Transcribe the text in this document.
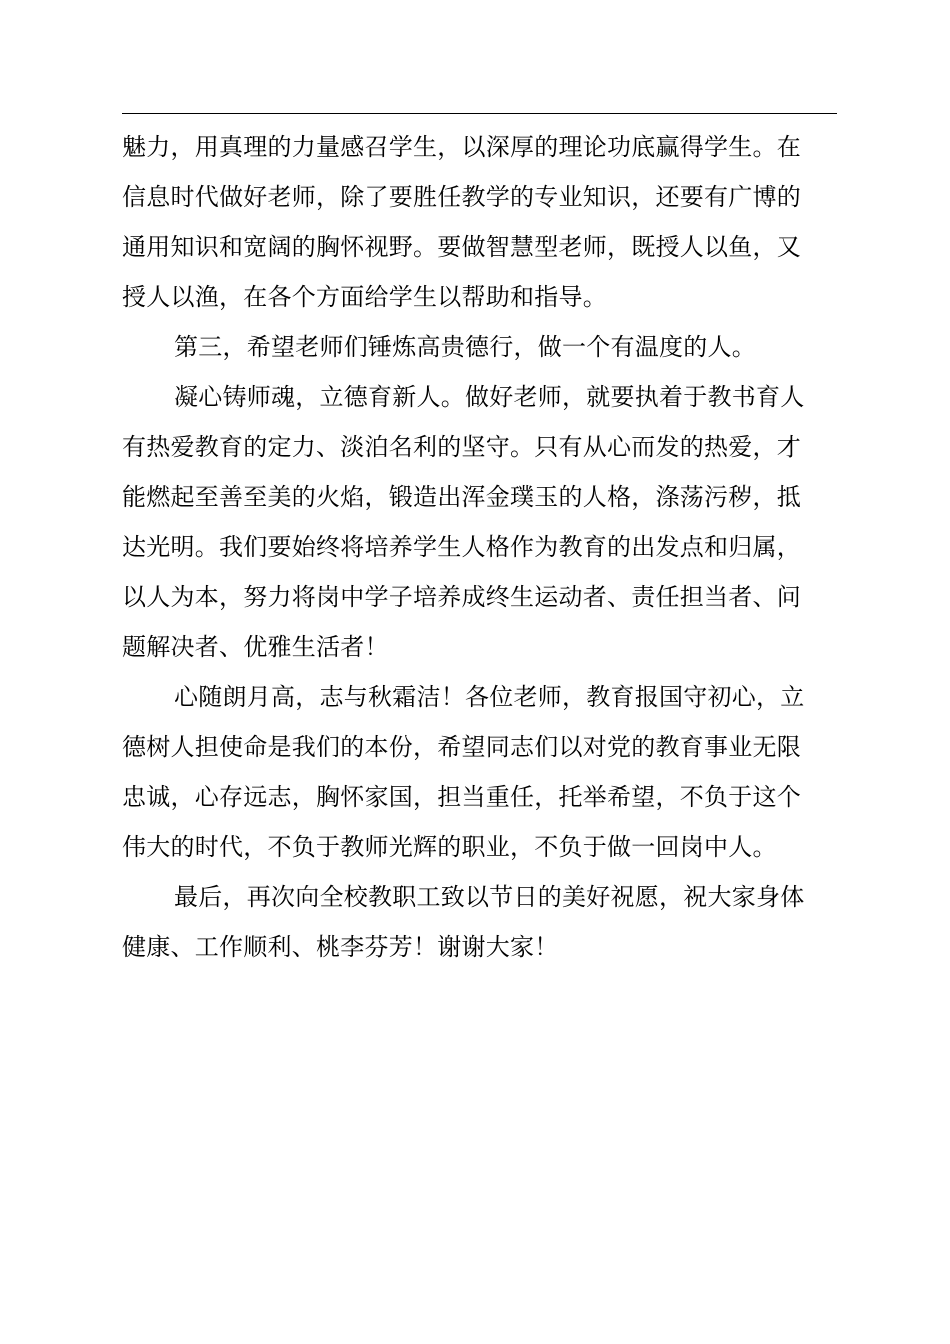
魅力，用真理的力量感召学生，以深厚的理论功底赢得学生。在
信息时代做好老师，除了要胜任教学的专业知识，还要有广博的
通用知识和宽阔的胸怀视野。要做智慧型老师，既授人以鱼，又
授人以渔，在各个方面给学生以帮助和指导。
第三，希望老师们锤炼高贵德行，做一个有温度的人。
凝心铸师魂，立德育新人。做好老师，就要执着于教书育人
有热爱教育的定力、淡泊名利的坚守。只有从心而发的热爱，才
能燃起至善至美的火焰，锻造出浑金璞玉的人格，涤荡污秽，抵
达光明。我们要始终将培养学生人格作为教育的出发点和归属，
以人为本，努力将岗中学子培养成终生运动者、责任担当者、问
题解决者、优雅生活者！
心随朗月高，志与秋霜洁！各位老师，教育报国守初心，立
德树人担使命是我们的本份，希望同志们以对党的教育事业无限
忠诚，心存远志，胸怀家国，担当重任，托举希望，不负于这个
伟大的时代，不负于教师光辉的职业，不负于做一回岗中人。
最后，再次向全校教职工致以节日的美好祝愿，祝大家身体
健康、工作顺利、桃李芬芳！谢谢大家！
